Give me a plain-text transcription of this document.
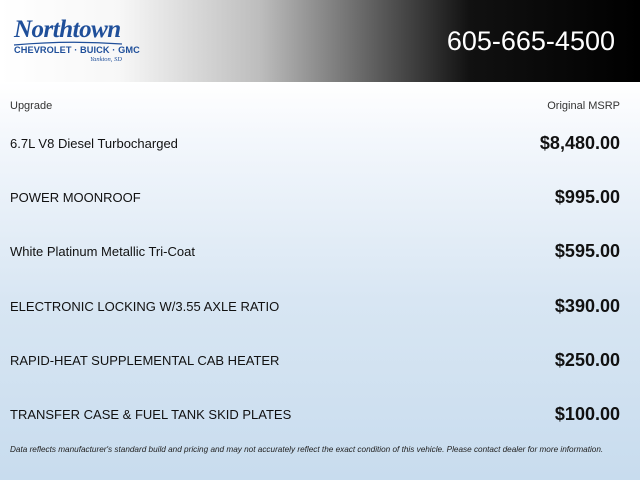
Northtown
CHEVROLET · BUICK · GMC
Yankton, SD
605-665-4500
Upgrade	Original MSRP
6.7L V8 Diesel Turbocharged	$8,480.00
POWER MOONROOF	$995.00
White Platinum Metallic Tri-Coat	$595.00
ELECTRONIC LOCKING W/3.55 AXLE RATIO	$390.00
RAPID-HEAT SUPPLEMENTAL CAB HEATER	$250.00
TRANSFER CASE & FUEL TANK SKID PLATES	$100.00
Data reflects manufacturer's standard build and pricing and may not accurately reflect the exact condition of this vehicle. Please contact dealer for more information.
